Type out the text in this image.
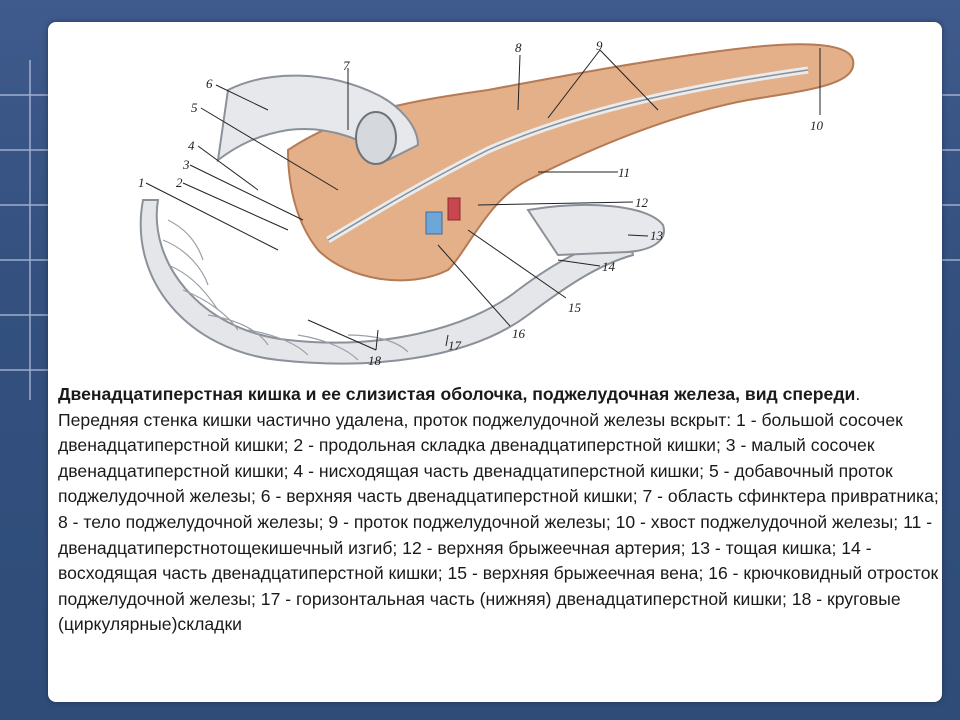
1 2
3
4
5
6
7
8	9
10
11
12
13
14
15
16
17
18
Двенадцатиперстная кишка и ее слизистая оболочка, поджелудочная железа, вид спереди. Передняя стенка кишки частично удалена, проток поджелудочной железы вскрыт: 1 - большой сосочек двенадцатиперстной кишки; 2 - продольная складка двенадцатиперстной кишки; 3 - малый сосочек двенадцатиперстной кишки; 4 - нисходящая часть двенадцатиперстной кишки; 5 - добавочный проток поджелудочной железы; 6 - верхняя часть двенадцатиперстной кишки; 7 - область сфинктера привратника; 8 - тело поджелудочной железы; 9 - проток поджелудочной железы; 10 - хвост поджелудочной железы; 11 - двенадцатиперстнотощекишечный изгиб; 12 - верхняя брыжеечная артерия; 13 - тощая кишка; 14 - восходящая часть двенадцатиперстной кишки; 15 - верхняя брыжеечная вена; 16 - крючковидный отросток поджелудочной железы; 17 - горизонтальная часть (нижняя) двенадцатиперстной кишки; 18 - круговые (циркулярные)складки
